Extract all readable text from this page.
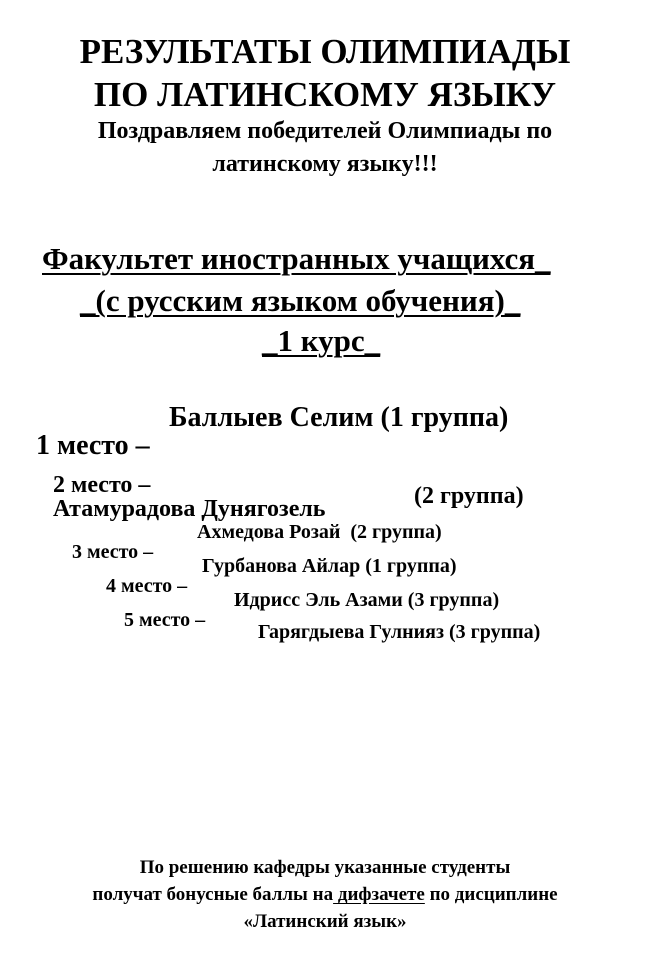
РЕЗУЛЬТАТЫ ОЛИМПИАДЫ
ПО ЛАТИНСКОМУ ЯЗЫКУ
Поздравляем победителей Олимпиады по
латинскому языку!!!
Факультет иностранных учащихся_
_(с русским языком обучения)_
_1 курс_

1 место –

Баллыев Селим (1 группа)

2 место –
Атамурадова Дунягозель	(2 группа)

3 место –

Ахмедова Розай  (2 группа)

4 место –

Гурбанова Айлар (1 группа)

5 место –

Идрисс Эль Азами (3 группа)

Гарягдыева Гулнияз (3 группа)
По решению кафедры указанные студенты
получат бонусные баллы на дифзачете по дисциплине
«Латинский язык»
